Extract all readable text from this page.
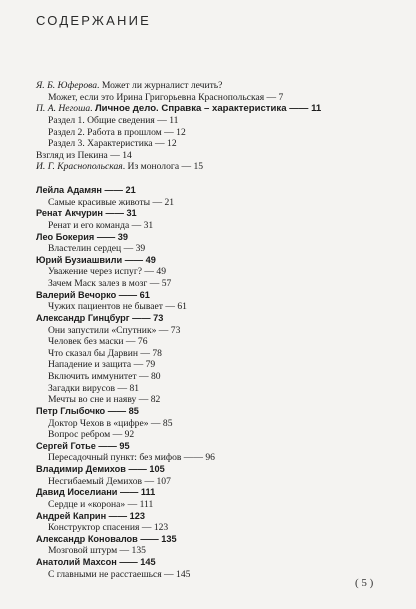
СОДЕРЖАНИЕ
Я. Б. Юферова. Может ли журналист лечить?
Может, если это Ирина Григорьевна Краснопольская — 7
П. А. Негоша. Личное дело. Справка – характеристика —— 11
Раздел 1. Общие сведения — 11
Раздел 2. Работа в прошлом — 12
Раздел 3. Характеристика — 12
Взгляд из Пекина — 14
И. Г. Краснопольская. Из монолога — 15
Лейла Адамян —— 21
Самые красивые животы — 21
Ренат Акчурин —— 31
Ренат и его команда — 31
Лео Бокерия —— 39
Властелин сердец — 39
Юрий Бузиашвили —— 49
Уважение через испуг? — 49
Зачем Маск залез в мозг — 57
Валерий Вечорко —— 61
Чужих пациентов не бывает — 61
Александр Гинцбург —— 73
Они запустили «Спутник» — 73
Человек без маски — 76
Что сказал бы Дарвин — 78
Нападение и защита — 79
Включить иммунитет — 80
Загадки вирусов — 81
Мечты во сне и наяву — 82
Петр Глыбочко —— 85
Доктор Чехов в «цифре» — 85
Вопрос ребром — 92
Сергей Готье —— 95
Пересадочный пункт: без мифов —— 96
Владимир Демихов —— 105
Несгибаемый Демихов — 107
Давид Иоселиани —— 111
Сердце и «корона» — 111
Андрей Каприн —— 123
Конструктор спасения — 123
Александр Коновалов —— 135
Мозговой штурм — 135
Анатолий Махсон —— 145
С главными не расстаешься — 145
( 5 )
